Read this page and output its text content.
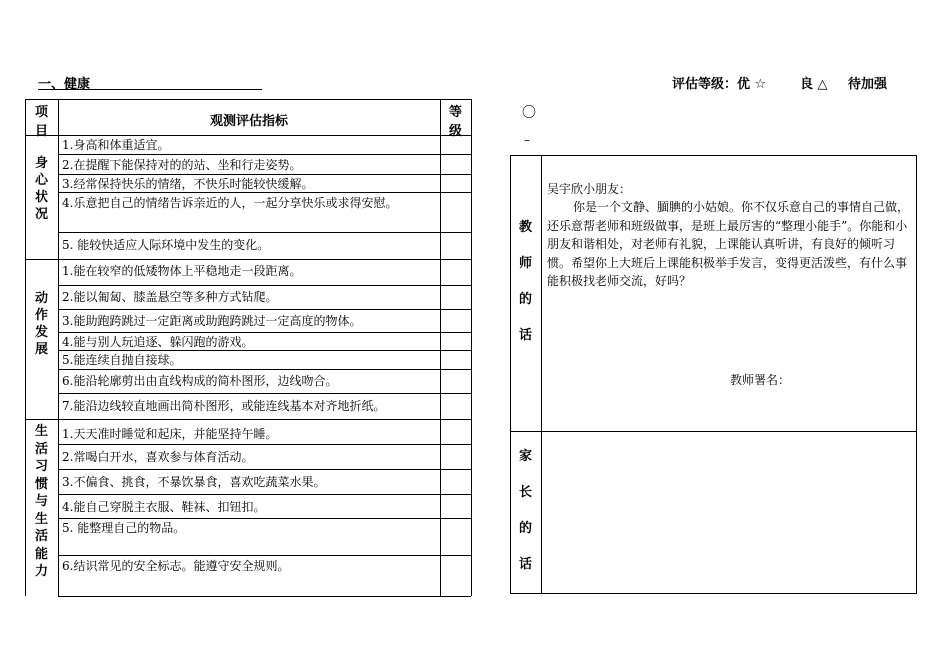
一、健康	评估等级：优 ☆	良 △ 待加强
〇
–
项
目
观测评估指标
等
级
身
心
状
况
1.身高和体重适宜。
2.在提醒下能保持对的的站、坐和行走姿势。
3.经常保持快乐的情绪，不快乐时能较快缓解。
4.乐意把自己的情绪告诉亲近的人，一起分享快乐或求得安慰。
5. 能较快适应人际环境中发生的变化。
动
作
发
展
1.能在较窄的低矮物体上平稳地走一段距离。
2.能以匍匐、膝盖悬空等多种方式钻爬。
3.能助跑跨跳过一定距离或助跑跨跳过一定高度的物体。
4.能与别人玩追逐、躲闪跑的游戏。
5.能连续自抛自接球。
6.能沿轮廓剪出由直线构成的简朴图形，边线吻合。
7.能沿边线较直地画出简朴图形，或能连线基本对齐地折纸。
生
活
习
惯
与
生
活
能
力
1.天天准时睡觉和起床，并能坚持午睡。
2.常喝白开水，喜欢参与体育活动。
3.不偏食、挑食，不暴饮暴食，喜欢吃蔬菜水果。
4.能自己穿脱主衣服、鞋袜、扣钮扣。
5. 能整理自己的物品。
6.结识常见的安全标志。能遵守安全规则。
教
师
的
话
吴宇欣小朋友：
你是一个文静、腼腆的小姑娘。你不仅乐意自己的事情自己做，还乐意帮老师和班级做事，是班上最厉害的“整理小能手”。你能和小朋友和谐相处，对老师有礼貌，上课能认真听讲，有良好的倾听习惯。希望你上大班后上课能积极举手发言，变得更活泼些，有什么事能积极找老师交流，好吗？
教师署名：
家
长
的
话
